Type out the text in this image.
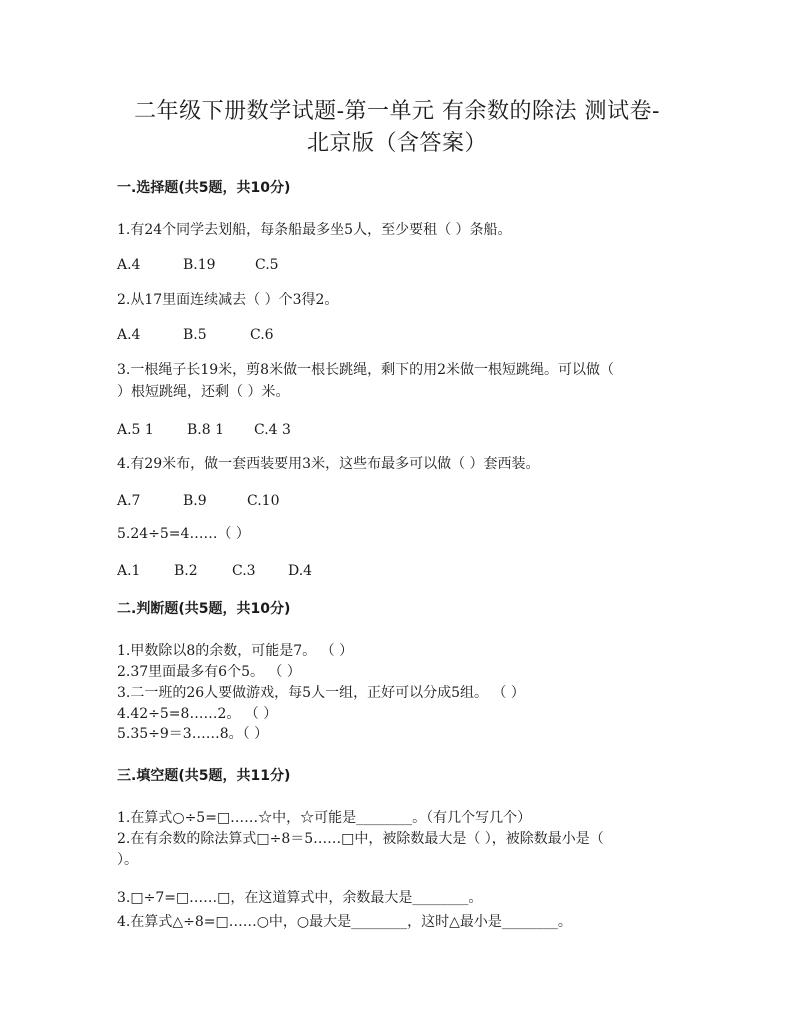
二年级下册数学试题-第一单元 有余数的除法 测试卷-
北京版（含答案）
一.选择题(共5题，共10分)
1.有24个同学去划船，每条船最多坐5人，至少要租（ ）条船。
A.4	B.19	C.5
2.从17里面连续减去（ ）个3得2。
A.4	B.5	C.6
3.一根绳子长19米，剪8米做一根长跳绳，剩下的用2米做一根短跳绳。可以做（
）根短跳绳，还剩（ ）米。
A.5 1 B.8 1 C.4 3
4.有29米布，做一套西装要用3米，这些布最多可以做（ ）套西装。
A.7	B.9	C.10
5.24÷5=4……（ ）
A.1 B.2 C.3 D.4
二.判断题(共5题，共10分)
1.甲数除以8的余数，可能是7。 （ ）
2.37里面最多有6个5。 （ ）
3.二一班的26人要做游戏，每5人一组，正好可以分成5组。 （ ）
4.42÷5=8……2。 （ ）
5.35÷9＝3……8。（ ）
三.填空题(共5题，共11分)
1.在算式○÷5=□……☆中，☆可能是________。（有几个写几个）
2.在有余数的除法算式□÷8＝5……□中，被除数最大是（ ），被除数最小是（
）。
3.□÷7=□……□，在这道算式中，余数最大是________。
4.在算式△÷8=□……○中，○最大是________，这时△最小是________。
